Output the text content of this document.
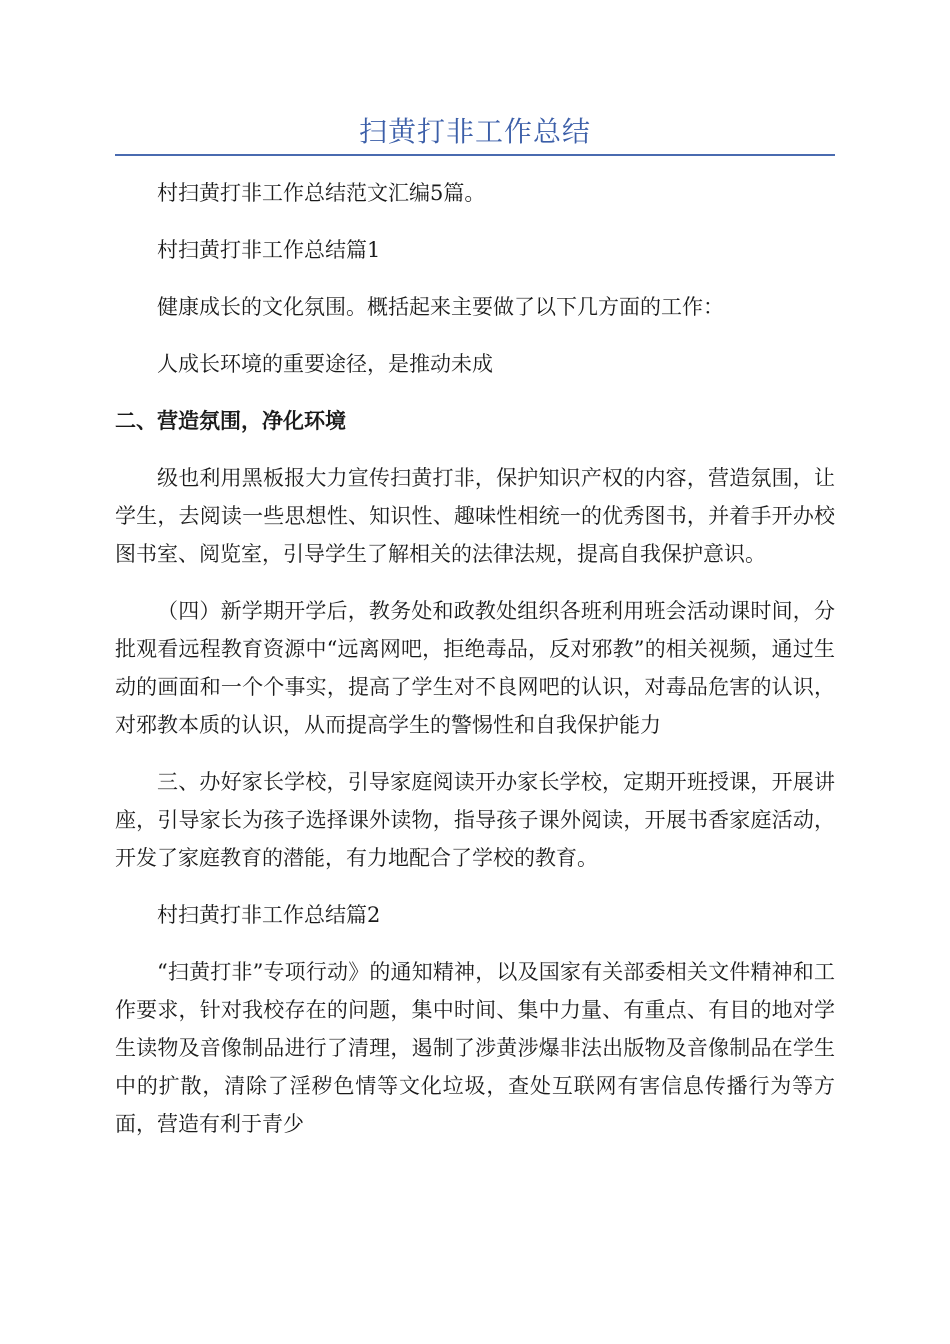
扫黄打非工作总结

村扫黄打非工作总结范文汇编5篇。

村扫黄打非工作总结篇1

健康成长的文化氛围。概括起来主要做了以下几方面的工作：

人成长环境的重要途径，是推动未成

二、营造氛围，净化环境

级也利用黑板报大力宣传扫黄打非，保护知识产权的内容，营造氛围，让学生，去阅读一些思想性、知识性、趣味性相统一的优秀图书，并着手开办校图书室、阅览室，引导学生了解相关的法律法规，提高自我保护意识。

（四）新学期开学后，教务处和政教处组织各班利用班会活动课时间，分批观看远程教育资源中“远离网吧，拒绝毒品，反对邪教”的相关视频，通过生动的画面和一个个事实，提高了学生对不良网吧的认识，对毒品危害的认识，对邪教本质的认识，从而提高学生的警惕性和自我保护能力

三、办好家长学校，引导家庭阅读开办家长学校，定期开班授课，开展讲座，引导家长为孩子选择课外读物，指导孩子课外阅读，开展书香家庭活动，开发了家庭教育的潜能，有力地配合了学校的教育。

村扫黄打非工作总结篇2

“扫黄打非”专项行动》的通知精神，以及国家有关部委相关文件精神和工作要求，针对我校存在的问题，集中时间、集中力量、有重点、有目的地对学生读物及音像制品进行了清理，遏制了涉黄涉爆非法出版物及音像制品在学生中的扩散，清除了淫秽色情等文化垃圾，查处互联网有害信息传播行为等方面，营造有利于青少
